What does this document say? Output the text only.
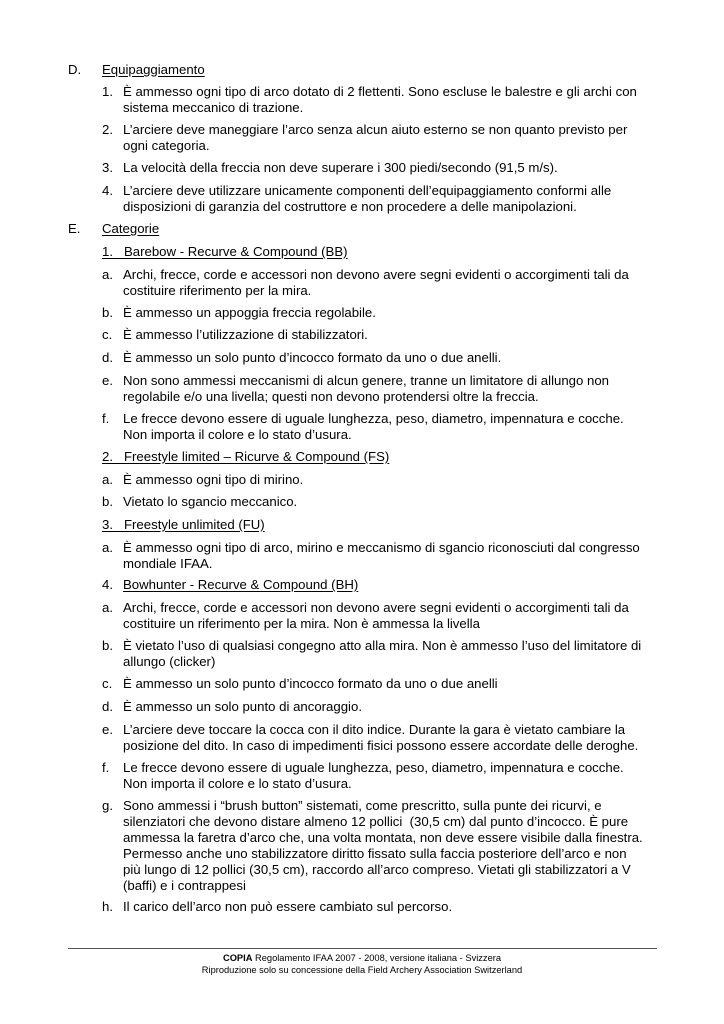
D. Equipaggiamento
1. È ammesso ogni tipo di arco dotato di 2 flettenti. Sono escluse le balestre e gli archi con
sistema meccanico di trazione.
2. L’arciere deve maneggiare l’arco senza alcun aiuto esterno se non quanto previsto per
ogni categoria.
3. La velocità della freccia non deve superare i 300 piedi/secondo (91,5 m/s).
4. L’arciere deve utilizzare unicamente componenti dell’equipaggiamento conformi alle
disposizioni di garanzia del costruttore e non procedere a delle manipolazioni.
E. Categorie
1.   Barebow - Recurve & Compound (BB)
a. Archi, frecce, corde e accessori non devono avere segni evidenti o accorgimenti tali da
costituire riferimento per la mira.
b. È ammesso un appoggia freccia regolabile.
c. È ammesso l’utilizzazione di stabilizzatori.
d. È ammesso un solo punto d’incocco formato da uno o due anelli.
e. Non sono ammessi meccanismi di alcun genere, tranne un limitatore di allungo non
regolabile e/o una livella; questi non devono protendersi oltre la freccia.
f. Le frecce devono essere di uguale lunghezza, peso, diametro, impennatura e cocche.
Non importa il colore e lo stato d’usura.
2.   Freestyle limited – Ricurve & Compound (FS)
a. È ammesso ogni tipo di mirino.
b. Vietato lo sgancio meccanico.
3.   Freestyle unlimited (FU)
a. È ammesso ogni tipo di arco, mirino e meccanismo di sgancio riconosciuti dal congresso
mondiale IFAA.
4. Bowhunter - Recurve & Compound (BH)
a. Archi, frecce, corde e accessori non devono avere segni evidenti o accorgimenti tali da
costituire un riferimento per la mira. Non è ammessa la livella
b. È vietato l’uso di qualsiasi congegno atto alla mira. Non è ammesso l’uso del limitatore di
allungo (clicker)
c. È ammesso un solo punto d’incocco formato da uno o due anelli
d. È ammesso un solo punto di ancoraggio.
e. L’arciere deve toccare la cocca con il dito indice. Durante la gara è vietato cambiare la
posizione del dito. In caso di impedimenti fisici possono essere accordate delle deroghe.
f. Le frecce devono essere di uguale lunghezza, peso, diametro, impennatura e cocche.
Non importa il colore e lo stato d’usura.
g. Sono ammessi i “brush button” sistemati, come prescritto, sulla punte dei ricurvi, e
silenziatori che devono distare almeno 12 pollici  (30,5 cm) dal punto d’incocco. È pure
ammessa la faretra d’arco che, una volta montata, non deve essere visibile dalla finestra.
Permesso anche uno stabilizzatore diritto fissato sulla faccia posteriore dell’arco e non
più lungo di 12 pollici (30,5 cm), raccordo all’arco compreso. Vietati gli stabilizzatori a V
(baffi) e i contrappesi
h. Il carico dell’arco non può essere cambiato sul percorso.
COPIA Regolamento IFAA 2007 - 2008, versione italiana - Svizzera
Riproduzione solo su concessione della Field Archery Association Switzerland
